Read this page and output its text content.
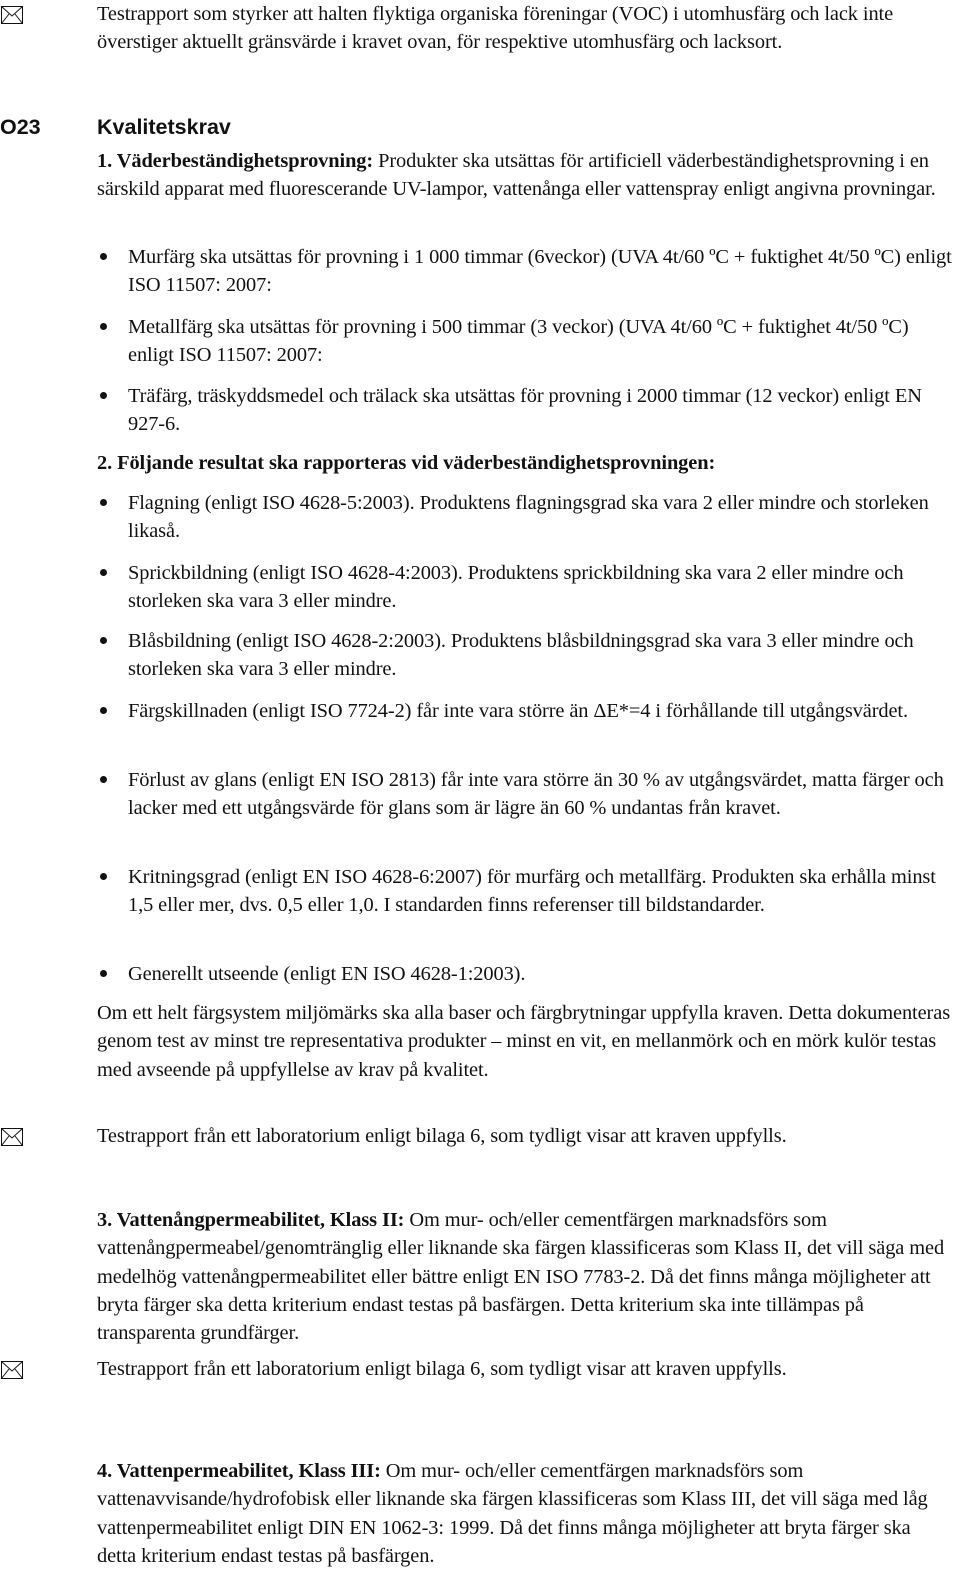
Testrapport som styrker att halten flyktiga organiska föreningar (VOC) i utomhusfärg och lack inte överstiger aktuellt gränsvärde i kravet ovan, för respektive utomhusfärg och lacksort.

O23	Kvalitetskrav

1. Väderbeständighetsprovning: Produkter ska utsättas för artificiell väderbeständighetsprovning i en särskild apparat med fluorescerande UV-lampor, vattenånga eller vattenspray enligt angivna provningar.

Murfärg ska utsättas för provning i 1 000 timmar (6veckor) (UVA 4t/60 ºC + fuktighet 4t/50 ºC) enligt ISO 11507: 2007:
Metallfärg ska utsättas för provning i 500 timmar (3 veckor) (UVA 4t/60 ºC + fuktighet 4t/50 ºC) enligt ISO 11507: 2007:
Träfärg, träskyddsmedel och trälack ska utsättas för provning i 2000 timmar (12 veckor) enligt EN 927-6.

2. Följande resultat ska rapporteras vid väderbeständighetsprovningen:

Flagning (enligt ISO 4628-5:2003). Produktens flagningsgrad ska vara 2 eller mindre och storleken likaså.
Sprickbildning (enligt ISO 4628-4:2003). Produktens sprickbildning ska vara 2 eller mindre och storleken ska vara 3 eller mindre.
Blåsbildning (enligt ISO 4628-2:2003). Produktens blåsbildningsgrad ska vara 3 eller mindre och storleken ska vara 3 eller mindre.
Färgskillnaden (enligt ISO 7724-2) får inte vara större än ΔE*=4 i förhållande till utgångsvärdet.
Förlust av glans (enligt EN ISO 2813) får inte vara större än 30 % av utgångsvärdet, matta färger och lacker med ett utgångsvärde för glans som är lägre än 60 % undantas från kravet.
Kritningsgrad (enligt EN ISO 4628-6:2007) för murfärg och metallfärg. Produkten ska erhålla minst 1,5 eller mer, dvs. 0,5 eller 1,0. I standarden finns referenser till bildstandarder.
Generellt utseende (enligt EN ISO 4628-1:2003).

Om ett helt färgsystem miljömärks ska alla baser och färgbrytningar uppfylla kraven. Detta dokumenteras genom test av minst tre representativa produkter – minst en vit, en mellanmörk och en mörk kulör testas med avseende på uppfyllelse av krav på kvalitet.

Testrapport från ett laboratorium enligt bilaga 6, som tydligt visar att kraven uppfylls.

3. Vattenångpermeabilitet, Klass II: Om mur- och/eller cementfärgen marknadsförs som vattenångpermeabel/genomtränglig eller liknande ska färgen klassificeras som Klass II, det vill säga med medelhög vattenångpermeabilitet eller bättre enligt EN ISO 7783-2. Då det finns många möjligheter att bryta färger ska detta kriterium endast testas på basfärgen. Detta kriterium ska inte tillämpas på transparenta grundfärger.

Testrapport från ett laboratorium enligt bilaga 6, som tydligt visar att kraven uppfylls.

4. Vattenpermeabilitet, Klass III: Om mur- och/eller cementfärgen marknadsförs som vattenavvisande/hydrofobisk eller liknande ska färgen klassificeras som Klass III, det vill säga med låg vattenpermeabilitet enligt DIN EN 1062-3: 1999. Då det finns många möjligheter att bryta färger ska detta kriterium endast testas på basfärgen.
